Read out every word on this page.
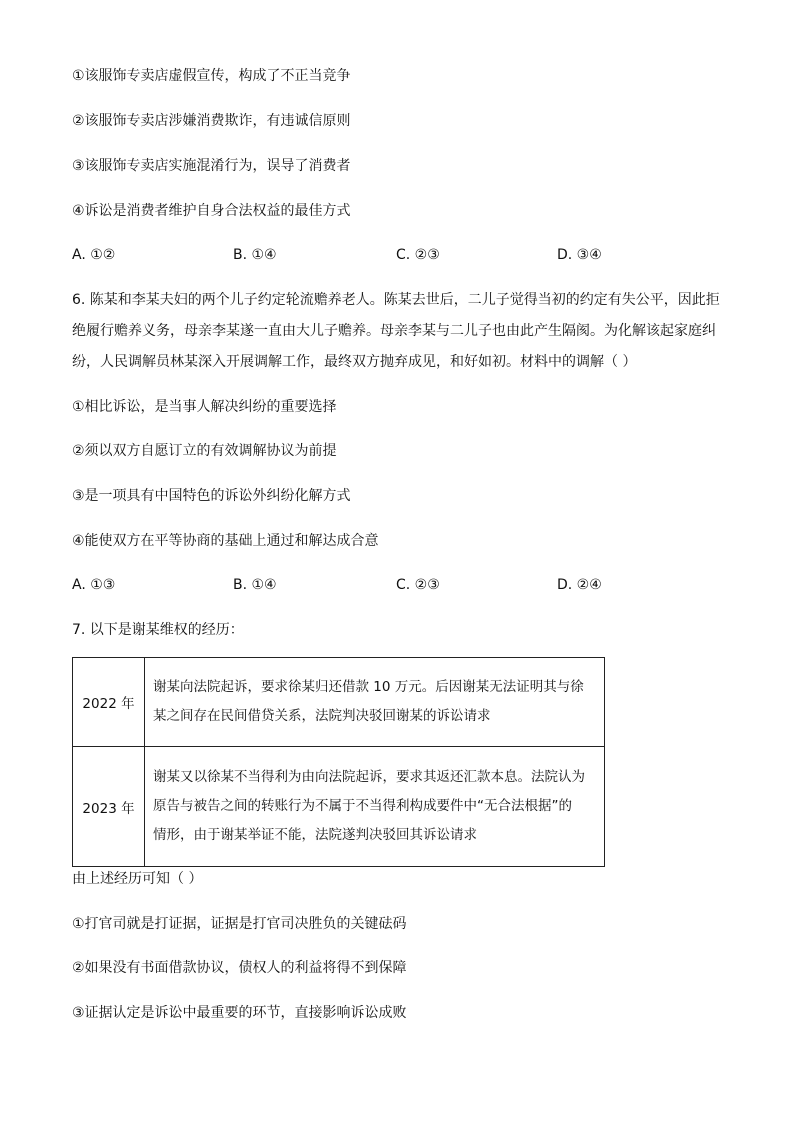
①该服饰专卖店虚假宣传，构成了不正当竞争
②该服饰专卖店涉嫌消费欺诈，有违诚信原则
③该服饰专卖店实施混淆行为，误导了消费者
④诉讼是消费者维护自身合法权益的最佳方式
A. ①②	B. ①④	C. ②③	D. ③④
6. 陈某和李某夫妇的两个儿子约定轮流赡养老人。陈某去世后，二儿子觉得当初的约定有失公平，因此拒
绝履行赡养义务，母亲李某遂一直由大儿子赡养。母亲李某与二儿子也由此产生隔阂。为化解该起家庭纠
纷，人民调解员林某深入开展调解工作，最终双方抛弃成见，和好如初。材料中的调解（ ）
①相比诉讼，是当事人解决纠纷的重要选择
②须以双方自愿订立的有效调解协议为前提
③是一项具有中国特色的诉讼外纠纷化解方式
④能使双方在平等协商的基础上通过和解达成合意
A. ①③	B. ①④	C. ②③	D. ②④
7. 以下是谢某维权的经历：
2022 年	谢某向法院起诉，要求徐某归还借款 10 万元。后因谢某无法证明其与徐
某之间存在民间借贷关系，法院判决驳回谢某的诉讼请求

2023 年	谢某又以徐某不当得利为由向法院起诉，要求其返还汇款本息。法院认为
原告与被告之间的转账行为不属于不当得利构成要件中“无合法根据”的
情形，由于谢某举证不能，法院遂判决驳回其诉讼请求
由上述经历可知（ ）
①打官司就是打证据，证据是打官司决胜负的关键砝码
②如果没有书面借款协议，债权人的利益将得不到保障
③证据认定是诉讼中最重要的环节，直接影响诉讼成败
